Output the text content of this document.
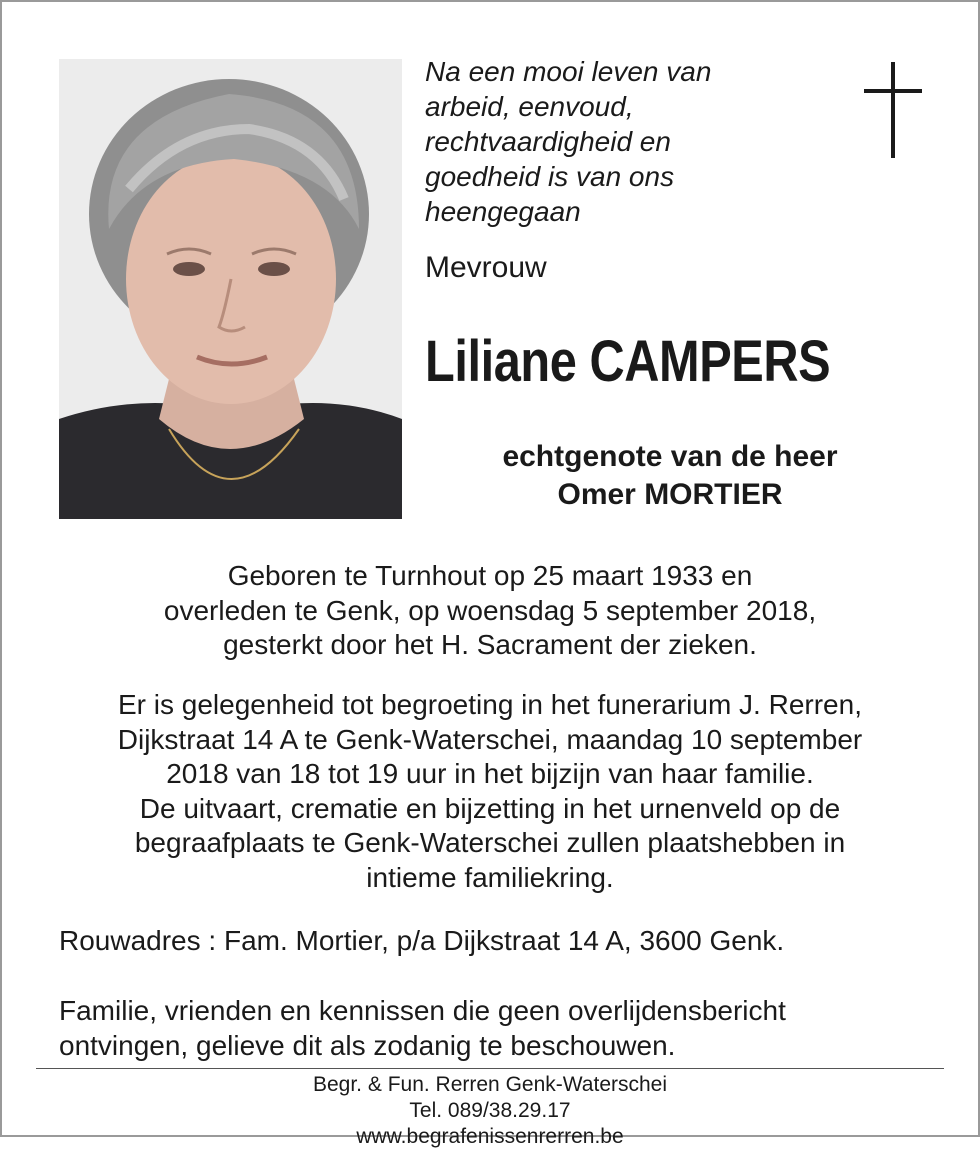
Na een mooi leven van
arbeid, eenvoud,
rechtvaardigheid en
goedheid is van ons
heengegaan
Mevrouw
Liliane CAMPERS
echtgenote van de heer
Omer MORTIER
Geboren te Turnhout op 25 maart 1933 en
overleden te Genk, op woensdag 5 september 2018,
gesterkt door het H. Sacrament der zieken.
Er is gelegenheid tot begroeting in het funerarium J. Rerren,
Dijkstraat 14 A te Genk-Waterschei, maandag 10 september
2018 van 18 tot 19 uur in het bijzijn van haar familie.
De uitvaart, crematie en bijzetting in het urnenveld op de
begraafplaats te Genk-Waterschei zullen plaatshebben in
intieme familiekring.
Rouwadres : Fam. Mortier, p/a Dijkstraat 14 A, 3600 Genk.
Familie, vrienden en kennissen die geen overlijdensbericht
ontvingen, gelieve dit als zodanig te beschouwen.
Begr. & Fun. Rerren Genk-Waterschei
Tel. 089/38.29.17
www.begrafenissenrerren.be
